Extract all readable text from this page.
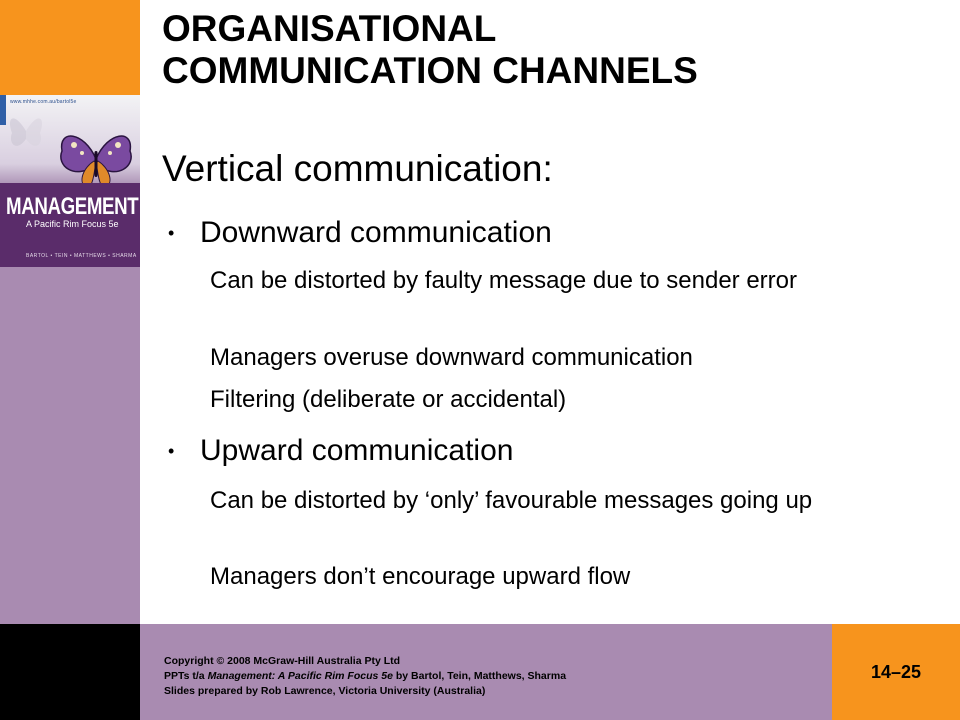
www.mhhe.com.au/bartol5e
MANAGEMENT
A Pacific Rim Focus 5e
BARTOL • TEIN • MATTHEWS • SHARMA
ORGANISATIONAL
COMMUNICATION CHANNELS
Vertical communication:
• Downward communication
Can be distorted by faulty message due to sender error
Managers overuse downward communication
Filtering (deliberate or accidental)
• Upward communication
Can be distorted by ‘only’ favourable messages going up
Managers don’t encourage upward flow
Copyright © 2008 McGraw-Hill Australia Pty Ltd
PPTs t/a Management: A Pacific Rim Focus 5e by Bartol, Tein, Matthews, Sharma
Slides prepared by Rob Lawrence, Victoria University (Australia)
14–25
